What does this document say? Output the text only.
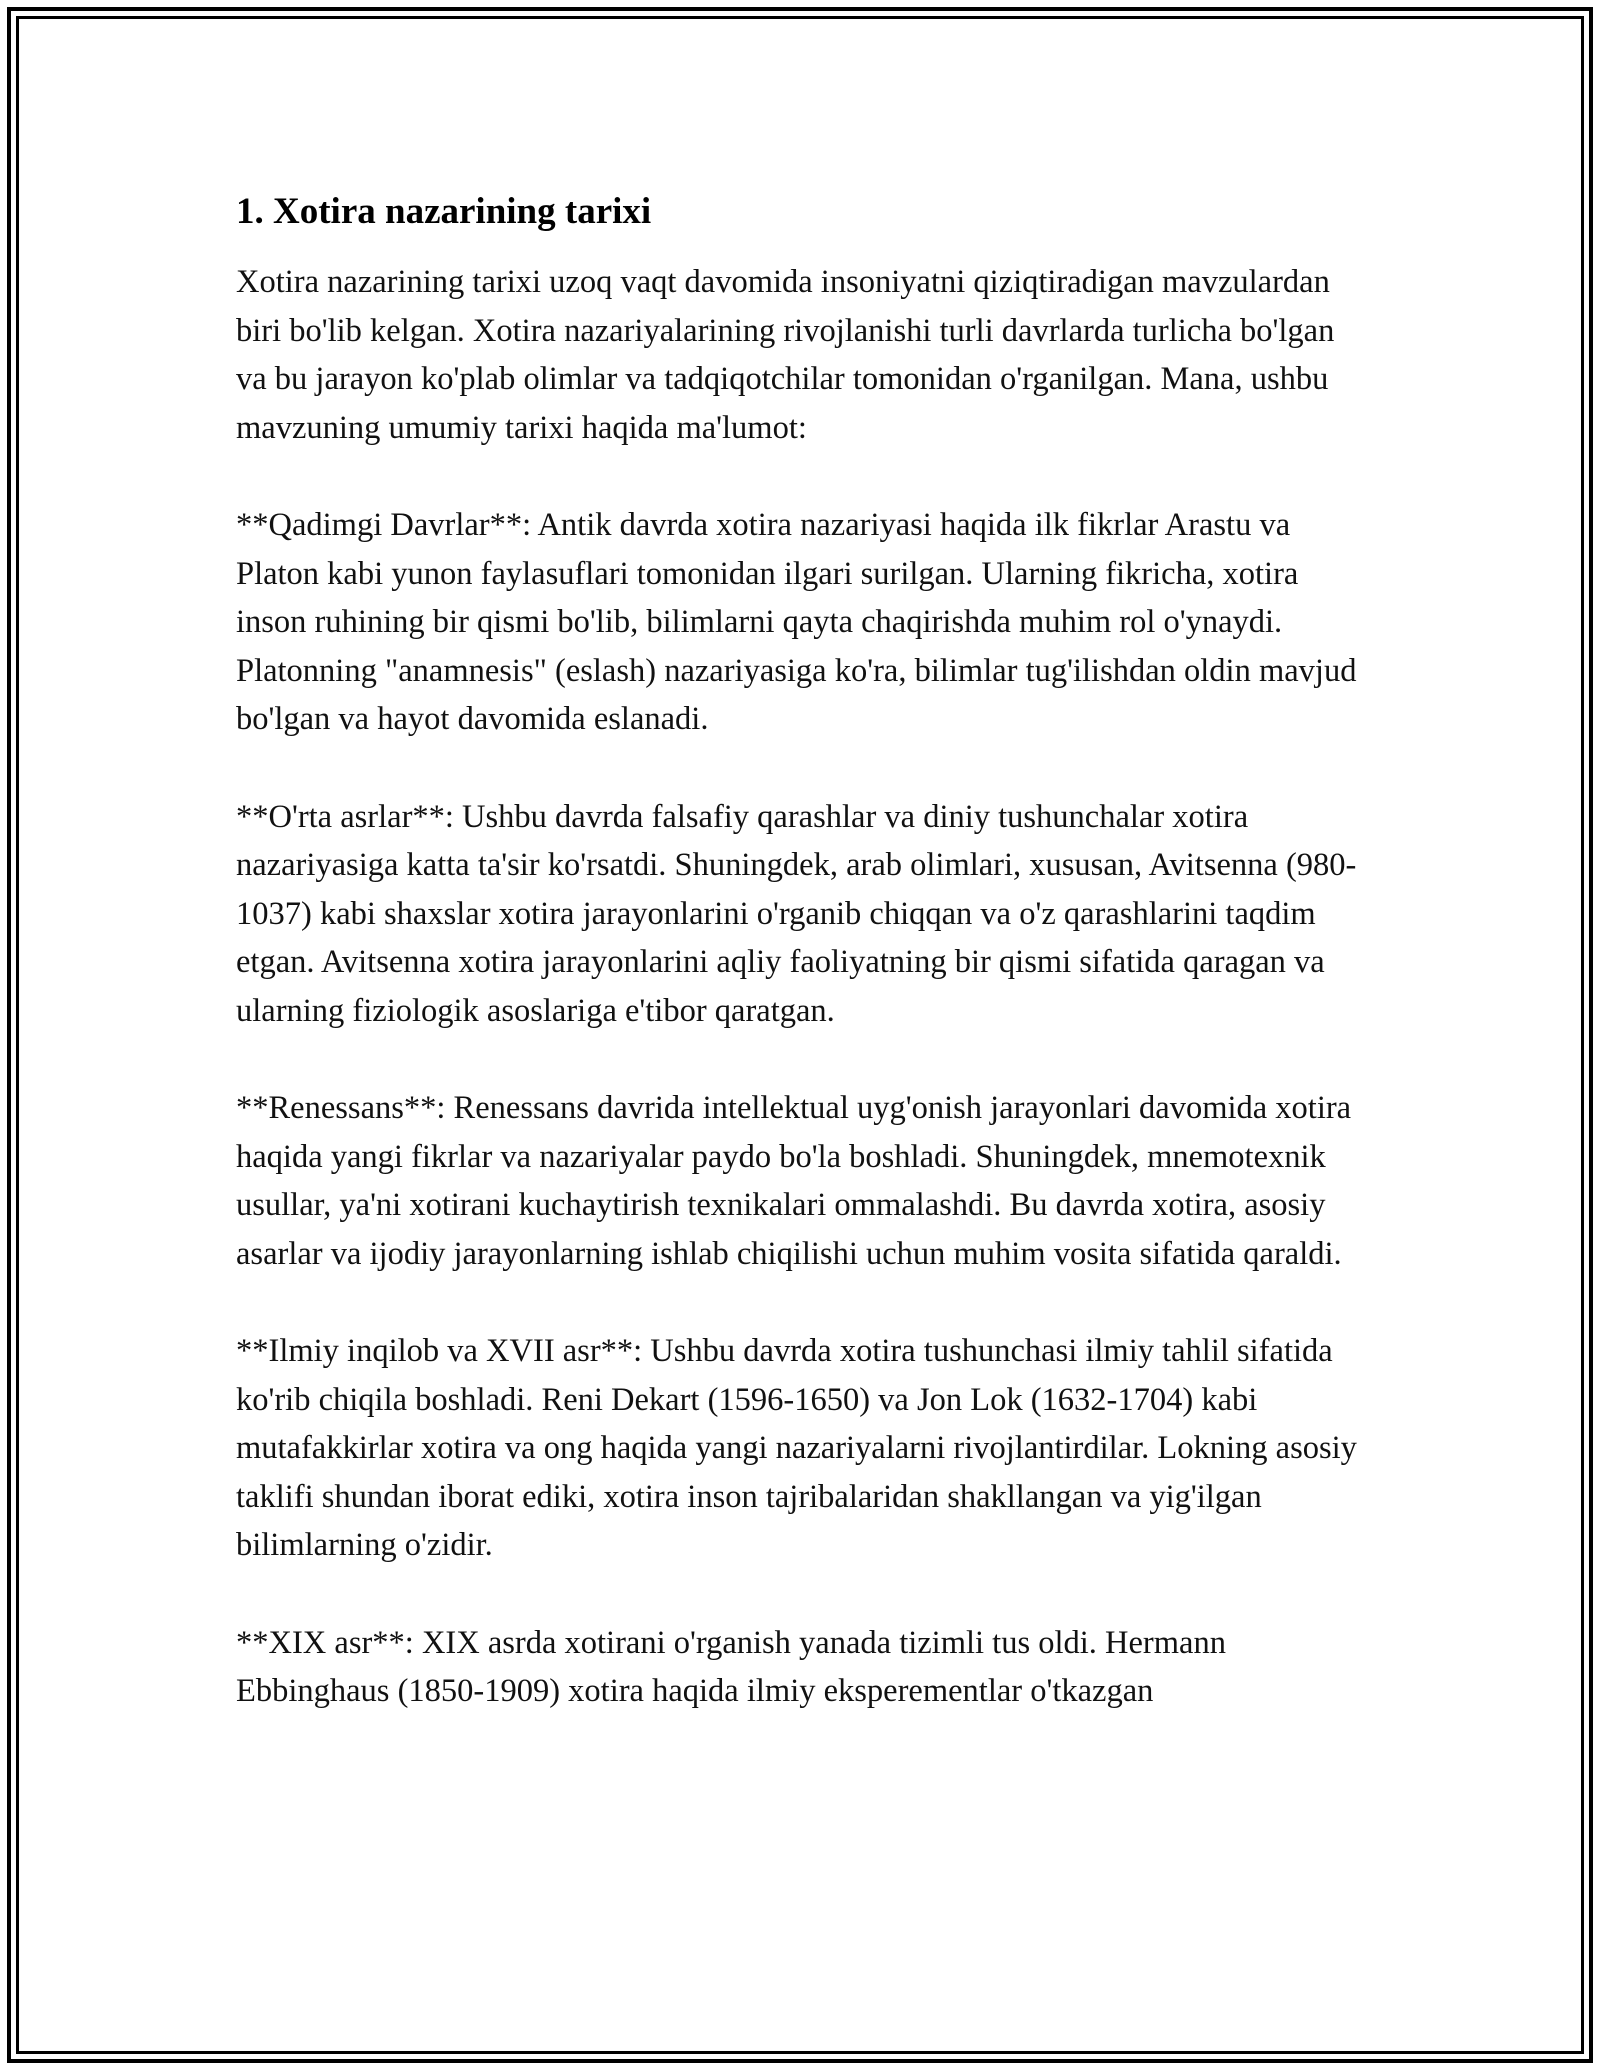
1. Xotira nazarining tarixi

Xotira nazarining tarixi uzoq vaqt davomida insoniyatni qiziqtiradigan mavzulardan biri bo'lib kelgan. Xotira nazariyalarining rivojlanishi turli davrlarda turlicha bo'lgan va bu jarayon ko'plab olimlar va tadqiqotchilar tomonidan o'rganilgan. Mana, ushbu mavzuning umumiy tarixi haqida ma'lumot:

**Qadimgi Davrlar**: Antik davrda xotira nazariyasi haqida ilk fikrlar Arastu va Platon kabi yunon faylasuflari tomonidan ilgari surilgan. Ularning fikricha, xotira inson ruhining bir qismi bo'lib, bilimlarni qayta chaqirishda muhim rol o'ynaydi. Platonning "anamnesis" (eslash) nazariyasiga ko'ra, bilimlar tug'ilishdan oldin mavjud bo'lgan va hayot davomida eslanadi.

**O'rta asrlar**: Ushbu davrda falsafiy qarashlar va diniy tushunchalar xotira nazariyasiga katta ta'sir ko'rsatdi. Shuningdek, arab olimlari, xususan, Avitsenna (980-1037) kabi shaxslar xotira jarayonlarini o'rganib chiqqan va o'z qarashlarini taqdim etgan. Avitsenna xotira jarayonlarini aqliy faoliyatning bir qismi sifatida qaragan va ularning fiziologik asoslariga e'tibor qaratgan.

**Renessans**: Renessans davrida intellektual uyg'onish jarayonlari davomida xotira haqida yangi fikrlar va nazariyalar paydo bo'la boshladi. Shuningdek, mnemotexnik usullar, ya'ni xotirani kuchaytirish texnikalari ommalashdi. Bu davrda xotira, asosiy asarlar va ijodiy jarayonlarning ishlab chiqilishi uchun muhim vosita sifatida qaraldi.

**Ilmiy inqilob va XVII asr**: Ushbu davrda xotira tushunchasi ilmiy tahlil sifatida ko'rib chiqila boshladi. Reni Dekart (1596-1650) va Jon Lok (1632-1704) kabi mutafakkirlar xotira va ong haqida yangi nazariyalarni rivojlantirdilar. Lokning asosiy taklifi shundan iborat ediki, xotira inson tajribalaridan shakllangan va yig'ilgan bilimlarning o'zidir.

**XIX asr**: XIX asrda xotirani o'rganish yanada tizimli tus oldi. Hermann Ebbinghaus (1850-1909) xotira haqida ilmiy eksperementlar o'tkazgan
